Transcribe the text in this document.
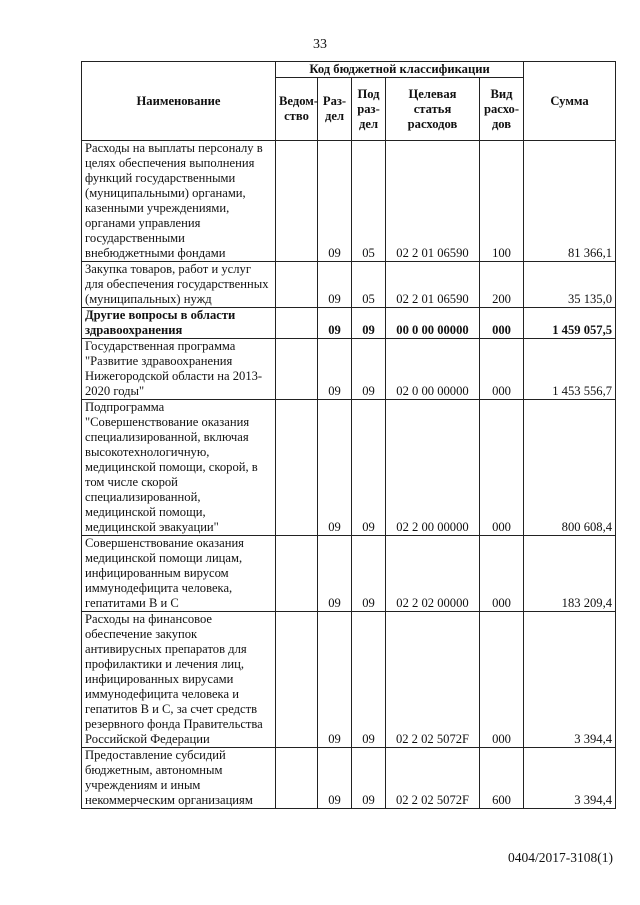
33
Наименование	Код бюджетной классификации					Сумма
	Ведом-ство	Раз-дел	Под раз-дел	Целевая статья расходов	Вид расхо-дов	
Расходы на выплаты персоналу в целях обеспечения выполнения функций государственными (муниципальными) органами, казенными учреждениями, органами управления государственными внебюджетными фондами		09	05	02 2 01 06590	100	81 366,1
Закупка товаров, работ и услуг для обеспечения государственных (муниципальных) нужд		09	05	02 2 01 06590	200	35 135,0
Другие вопросы в области здравоохранения		09	09	00 0 00 00000	000	1 459 057,5
Государственная программа "Развитие здравоохранения Нижегородской области на 2013-2020 годы"		09	09	02 0 00 00000	000	1 453 556,7
Подпрограмма "Совершенствование оказания специализированной, включая высокотехнологичную, медицинской помощи, скорой, в том числе скорой специализированной, медицинской помощи, медицинской эвакуации"		09	09	02 2 00 00000	000	800 608,4
Совершенствование оказания медицинской помощи лицам, инфицированным вирусом иммунодефицита человека, гепатитами В и С		09	09	02 2 02 00000	000	183 209,4
Расходы на финансовое обеспечение закупок антивирусных препаратов для профилактики и лечения лиц, инфицированных вирусами иммунодефицита человека и гепатитов В и С, за счет средств резервного фонда Правительства Российской Федерации		09	09	02 2 02 5072F	000	3 394,4
Предоставление субсидий бюджетным, автономным учреждениям и иным некоммерческим организациям		09	09	02 2 02 5072F	600	3 394,4
0404/2017-3108(1)
